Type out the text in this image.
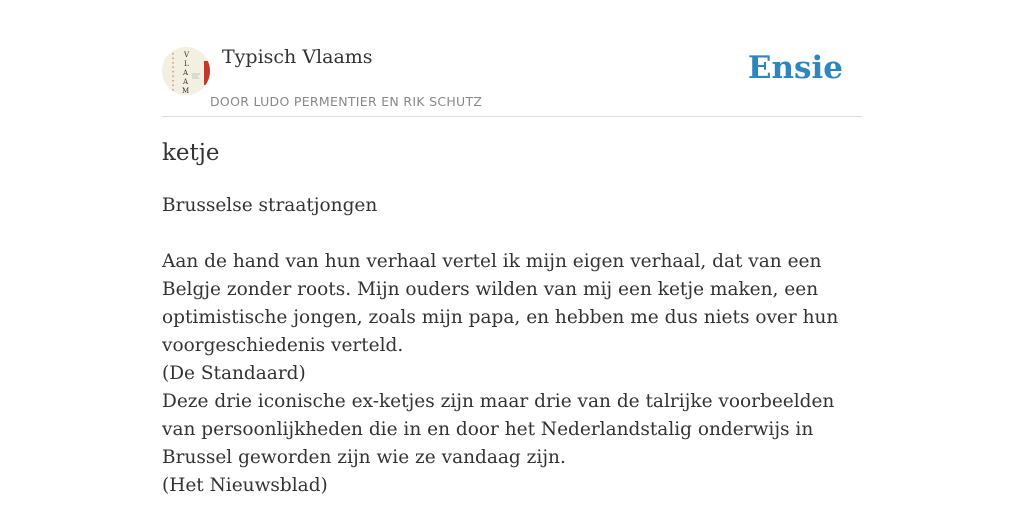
V
L
A
A
M
Typisch Vlaams
DOOR LUDO PERMENTIER EN RIK SCHUTZ
Ensie
ketje

Brusselse straatjongen

Aan de hand van hun verhaal vertel ik mijn eigen verhaal, dat van een Belgje zonder roots. Mijn ouders wilden van mij een ketje maken, een optimistische jongen, zoals mijn papa, en hebben me dus niets over hun voorgeschiedenis verteld.

(De Standaard)

Deze drie iconische ex-ketjes zijn maar drie van de talrijke voorbeelden van persoonlijkheden die in en door het Nederlandstalig onderwijs in Brussel geworden zijn wie ze vandaag zijn.

(Het Nieuwsblad)
